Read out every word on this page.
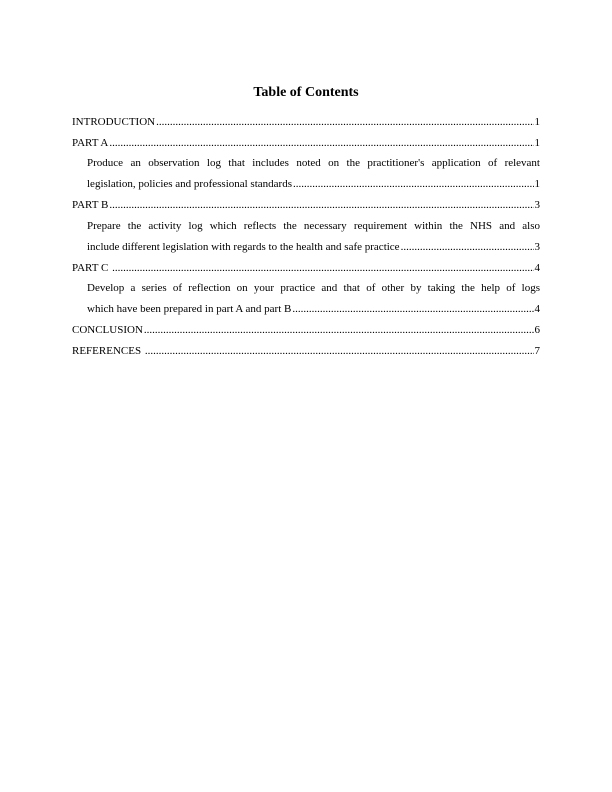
Table of Contents
INTRODUCTION .....	1
PART A .....	1
Produce an observation log that includes noted on the practitioner's application of relevant
legislation, policies and professional standards .....	1
PART B .....	3
Prepare the activity log which reflects the necessary requirement within the NHS and also
include different legislation with regards to the health and safe practice .....	3
PART C .....	4
Develop a series of reflection on your practice and that of other by taking the help of logs
which have been prepared in part A and part B .....	4
CONCLUSION .....	6
REFERENCES .....	7
